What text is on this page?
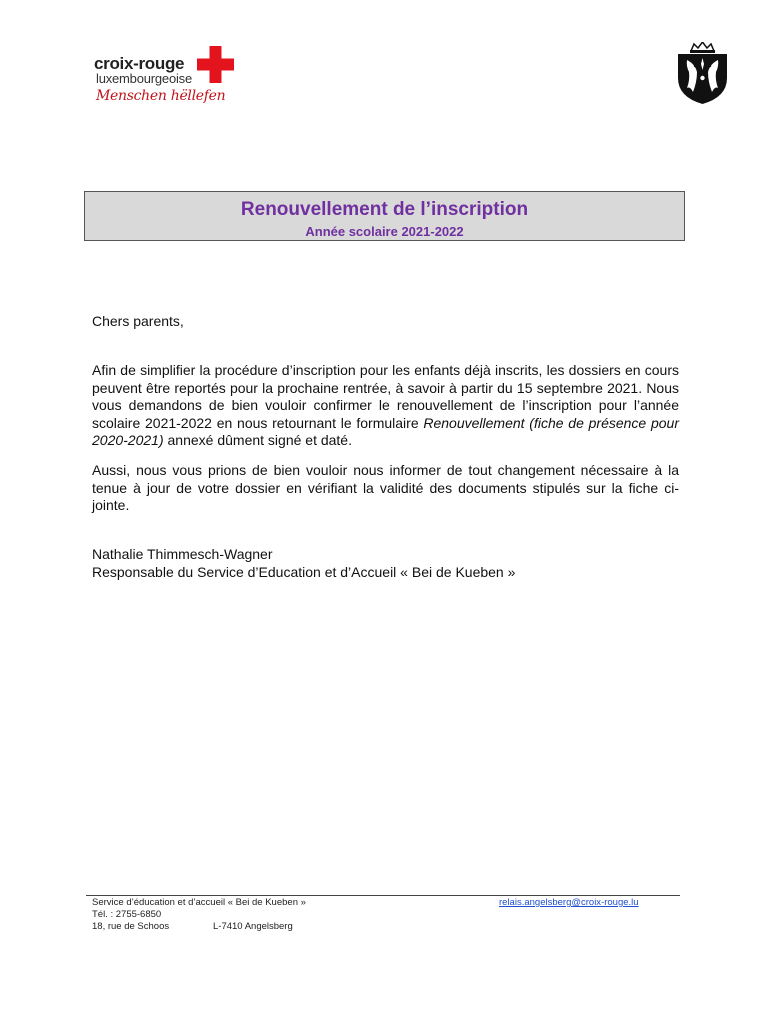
croix-rouge
luxembourgeoise
Menschen hëllefen
Renouvellement de l’inscription
Année scolaire 2021-2022
Chers parents,
Afin de simplifier la procédure d’inscription pour les enfants déjà inscrits, les dossiers en cours peuvent être reportés pour la prochaine rentrée, à savoir à partir du 15 septembre 2021. Nous vous demandons de bien vouloir confirmer le renouvellement de l’inscription pour l’année scolaire 2021-2022 en nous retournant le formulaire Renouvellement (fiche de présence pour 2020-2021) annexé dûment signé et daté.
Aussi, nous vous prions de bien vouloir nous informer de tout changement nécessaire à la tenue à jour de votre dossier en vérifiant la validité des documents stipulés sur la fiche ci-jointe.
Nathalie Thimmesch-Wagner
Responsable du Service d’Education et d’Accueil « Bei de Kueben »
Service d’éducation et d’accueil « Bei de Kueben »
Tél. : 2755-6850
18, rue de Schoos	L-7410 Angelsberg
relais.angelsberg@croix-rouge.lu
